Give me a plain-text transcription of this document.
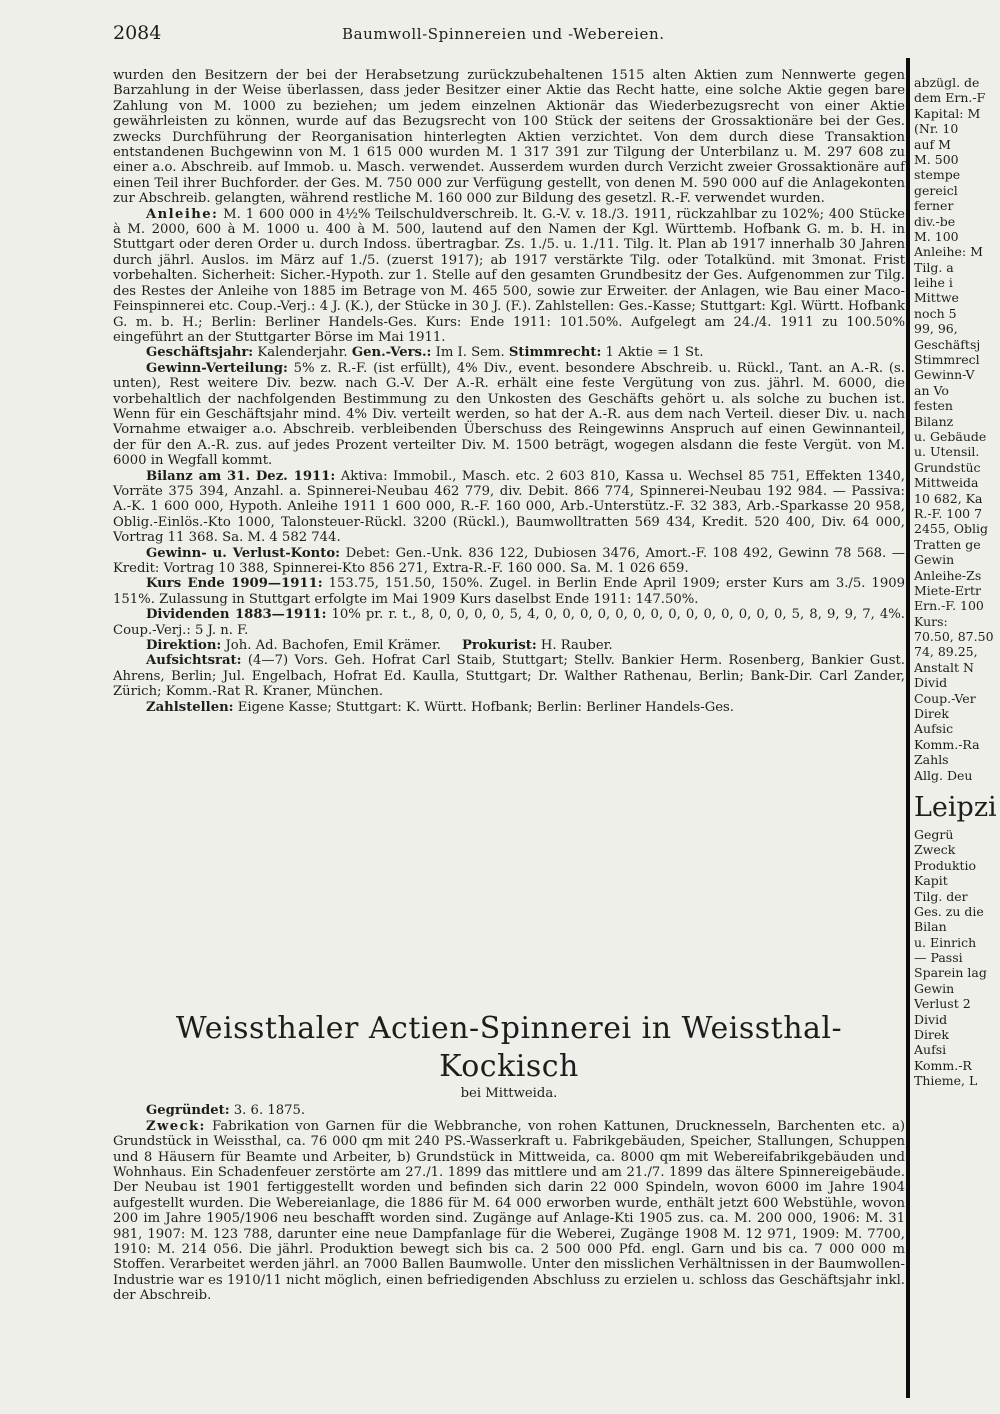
2084	Baumwoll-Spinnereien und -Webereien.

wurden den Besitzern der bei der Herabsetzung zurückzubehaltenen 1515 alten Aktien zum Nennwerte gegen Barzahlung in der Weise überlassen, dass jeder Besitzer einer Aktie das Recht hatte, eine solche Aktie gegen bare Zahlung von M. 1000 zu beziehen; um jedem einzelnen Aktionär das Wiederbezugsrecht von einer Aktie gewährleisten zu können, wurde auf das Bezugsrecht von 100 Stück der seitens der Grossaktionäre bei der Ges. zwecks Durchführung der Reorganisation hinterlegten Aktien verzichtet. Von dem durch diese Transaktion entstandenen Buchgewinn von M. 1 615 000 wurden M. 1 317 391 zur Tilgung der Unterbilanz u. M. 297 608 zu einer a.o. Abschreib. auf Immob. u. Masch. verwendet. Ausserdem wurden durch Verzicht zweier Grossaktionäre auf einen Teil ihrer Buchforder. der Ges. M. 750 000 zur Verfügung gestellt, von denen M. 590 000 auf die Anlagekonten zur Abschreib. gelangten, während restliche M. 160 000 zur Bildung des gesetzl. R.-F. verwendet wurden.

Anleihe: M. 1 600 000 in 4½% Teilschuldverschreib. lt. G.-V. v. 18./3. 1911, rückzahlbar zu 102%; 400 Stücke à M. 2000, 600 à M. 1000 u. 400 à M. 500, lautend auf den Namen der Kgl. Württemb. Hofbank G. m. b. H. in Stuttgart oder deren Order u. durch Indoss. übertragbar. Zs. 1./5. u. 1./11. Tilg. lt. Plan ab 1917 innerhalb 30 Jahren durch jährl. Auslos. im März auf 1./5. (zuerst 1917); ab 1917 verstärkte Tilg. oder Totalkünd. mit 3monat. Frist vorbehalten. Sicherheit: Sicher.-Hypoth. zur 1. Stelle auf den gesamten Grundbesitz der Ges. Aufgenommen zur Tilg. des Restes der Anleihe von 1885 im Betrage von M. 465 500, sowie zur Erweiter. der Anlagen, wie Bau einer Maco-Feinspinnerei etc. Coup.-Verj.: 4 J. (K.), der Stücke in 30 J. (F.). Zahlstellen: Ges.-Kasse; Stuttgart: Kgl. Württ. Hofbank G. m. b. H.; Berlin: Berliner Handels-Ges. Kurs: Ende 1911: 101.50%. Aufgelegt am 24./4. 1911 zu 100.50% eingeführt an der Stuttgarter Börse im Mai 1911.

Geschäftsjahr: Kalenderjahr. Gen.-Vers.: Im I. Sem. Stimmrecht: 1 Aktie = 1 St.

Gewinn-Verteilung: 5% z. R.-F. (ist erfüllt), 4% Div., event. besondere Abschreib. u. Rückl., Tant. an A.-R. (s. unten), Rest weitere Div. bezw. nach G.-V. Der A.-R. erhält eine feste Vergütung von zus. jährl. M. 6000, die vorbehaltlich der nachfolgenden Bestimmung zu den Unkosten des Geschäfts gehört u. als solche zu buchen ist. Wenn für ein Geschäftsjahr mind. 4% Div. verteilt werden, so hat der A.-R. aus dem nach Verteil. dieser Div. u. nach Vornahme etwaiger a.o. Abschreib. verbleibenden Überschuss des Reingewinns Anspruch auf einen Gewinnanteil, der für den A.-R. zus. auf jedes Prozent verteilter Div. M. 1500 beträgt, wogegen alsdann die feste Vergüt. von M. 6000 in Wegfall kommt.

Bilanz am 31. Dez. 1911: Aktiva: Immobil., Masch. etc. 2 603 810, Kassa u. Wechsel 85 751, Effekten 1340, Vorräte 375 394, Anzahl. a. Spinnerei-Neubau 462 779, div. Debit. 866 774, Spinnerei-Neubau 192 984. — Passiva: A.-K. 1 600 000, Hypoth. Anleihe 1911 1 600 000, R.-F. 160 000, Arb.-Unterstütz.-F. 32 383, Arb.-Sparkasse 20 958, Oblig.-Einlös.-Kto 1000, Talonsteuer-Rückl. 3200 (Rückl.), Baumwolltratten 569 434, Kredit. 520 400, Div. 64 000, Vortrag 11 368. Sa. M. 4 582 744.

Gewinn- u. Verlust-Konto: Debet: Gen.-Unk. 836 122, Dubiosen 3476, Amort.-F. 108 492, Gewinn 78 568. — Kredit: Vortrag 10 388, Spinnerei-Kto 856 271, Extra-R.-F. 160 000. Sa. M. 1 026 659.

Kurs Ende 1909—1911: 153.75, 151.50, 150%. Zugel. in Berlin Ende April 1909; erster Kurs am 3./5. 1909 151%. Zulassung in Stuttgart erfolgte im Mai 1909 Kurs daselbst Ende 1911: 147.50%.

Dividenden 1883—1911: 10% pr. r. t., 8, 0, 0, 0, 0, 5, 4, 0, 0, 0, 0, 0, 0, 0, 0, 0, 0, 0, 0, 0, 0, 5, 8, 9, 9, 7, 4%. Coup.-Verj.: 5 J. n. F.

Direktion: Joh. Ad. Bachofen, Emil Krämer. Prokurist: H. Rauber.

Aufsichtsrat: (4—7) Vors. Geh. Hofrat Carl Staib, Stuttgart; Stellv. Bankier Herm. Rosenberg, Bankier Gust. Ahrens, Berlin; Jul. Engelbach, Hofrat Ed. Kaulla, Stuttgart; Dr. Walther Rathenau, Berlin; Bank-Dir. Carl Zander, Zürich; Komm.-Rat R. Kraner, München.

Zahlstellen: Eigene Kasse; Stuttgart: K. Württ. Hofbank; Berlin: Berliner Handels-Ges.

Weissthaler Actien-Spinnerei in Weissthal-Kockisch
bei Mittweida.

Gegründet: 3. 6. 1875.

Zweck: Fabrikation von Garnen für die Webbranche, von rohen Kattunen, Drucknesseln, Barchenten etc. a) Grundstück in Weissthal, ca. 76 000 qm mit 240 PS.-Wasserkraft u. Fabrikgebäuden, Speicher, Stallungen, Schuppen und 8 Häusern für Beamte und Arbeiter, b) Grundstück in Mittweida, ca. 8000 qm mit Webereifabrikgebäuden und Wohnhaus. Ein Schadenfeuer zerstörte am 27./1. 1899 das mittlere und am 21./7. 1899 das ältere Spinnereigebäude. Der Neubau ist 1901 fertiggestellt worden und befinden sich darin 22 000 Spindeln, wovon 6000 im Jahre 1904 aufgestellt wurden. Die Webereianlage, die 1886 für M. 64 000 erworben wurde, enthält jetzt 600 Webstühle, wovon 200 im Jahre 1905/1906 neu beschafft worden sind. Zugänge auf Anlage-Kti 1905 zus. ca. M. 200 000, 1906: M. 31 981, 1907: M. 123 788, darunter eine neue Dampfanlage für die Weberei, Zugänge 1908 M. 12 971, 1909: M. 7700, 1910: M. 214 056. Die jährl. Produktion bewegt sich bis ca. 2 500 000 Pfd. engl. Garn und bis ca. 7 000 000 m Stoffen. Verarbeitet werden jährl. an 7000 Ballen Baumwolle. Unter den misslichen Verhältnissen in der Baumwollen-Industrie war es 1910/11 nicht möglich, einen befriedigenden Abschluss zu erzielen u. schloss das Geschäftsjahr inkl. der Abschreib.

abzügl. de
dem Ern.-F
Kapital: M
(Nr. 10
auf M
M. 500
stempe
gereicl
ferner
div.-be
M. 100
Anleihe: M
Tilg. a
leihe i
Mittwe
noch 5
99, 96,
Geschäftsj
Stimmrecl
Gewinn-V
an Vo
festen
Bilanz
u. Gebäude
u. Utensil.
Grundstüc
Mittweida
10 682, Ka
R.-F. 100 7
2455, Oblig
Tratten ge
Gewin
Anleihe-Zs
Miete-Ertr
Ern.-F. 100
Kurs:
70.50, 87.50
74, 89.25,
Anstalt N
Divid
Coup.-Ver
Direk
Aufsic
Komm.-Ra
Zahls
Allg. Deu
Leipzi
Gegrü
Zweck
Produktio
Kapit
Tilg. der
Ges. zu die
Bilan
u. Einrich
— Passi
Sparein lag
Gewin
Verlust 2
Divid
Direk
Aufsi
Komm.-R
Thieme, L
